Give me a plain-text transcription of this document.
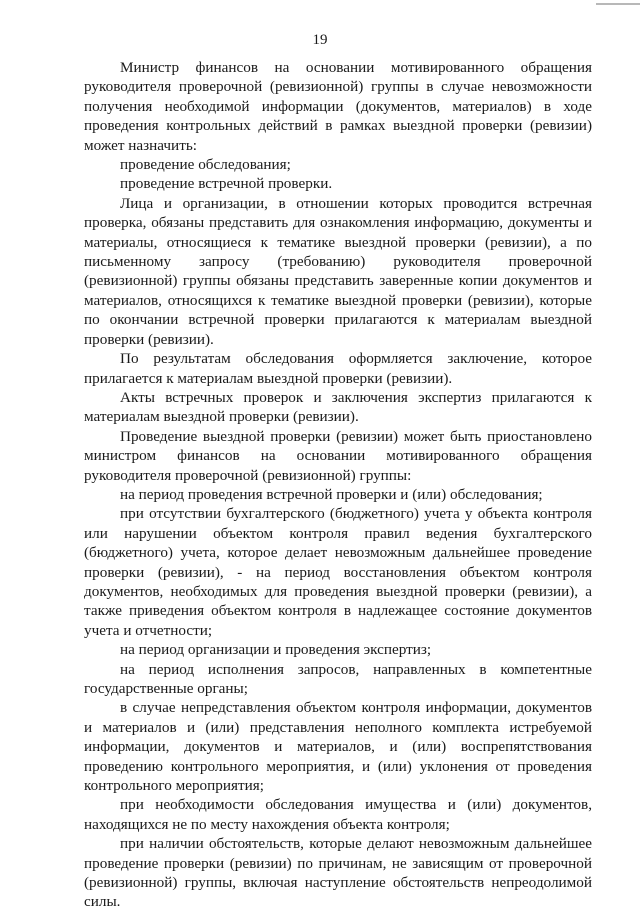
19

Министр финансов на основании мотивированного обращения руководителя проверочной (ревизионной) группы в случае невозможности получения необходимой информации (документов, материалов) в ходе проведения контрольных действий в рамках выездной проверки (ревизии) может назначить:

проведение обследования;

проведение встречной проверки.

Лица и организации, в отношении которых проводится встречная проверка, обязаны представить для ознакомления информацию, документы и материалы, относящиеся к тематике выездной проверки (ревизии), а по письменному запросу (требованию) руководителя проверочной (ревизионной) группы обязаны представить заверенные копии документов и материалов, относящихся к тематике выездной проверки (ревизии), которые по окончании встречной проверки прилагаются к материалам выездной проверки (ревизии).

По результатам обследования оформляется заключение, которое прилагается к материалам выездной проверки (ревизии).

Акты встречных проверок и заключения экспертиз прилагаются к материалам выездной проверки (ревизии).

Проведение выездной проверки (ревизии) может быть приостановлено министром финансов на основании мотивированного обращения руководителя проверочной (ревизионной) группы:

на период проведения встречной проверки и (или) обследования;

при отсутствии бухгалтерского (бюджетного) учета у объекта контроля или нарушении объектом контроля правил ведения бухгалтерского (бюджетного) учета, которое делает невозможным дальнейшее проведение проверки (ревизии), - на период восстановления объектом контроля документов, необходимых для проведения выездной проверки (ревизии), а также приведения объектом контроля в надлежащее состояние документов учета и отчетности;

на период организации и проведения экспертиз;

на период исполнения запросов, направленных в компетентные государственные органы;

в случае непредставления объектом контроля информации, документов и материалов и (или) представления неполного комплекта истребуемой информации, документов и материалов, и (или) воспрепятствования проведению контрольного мероприятия, и (или) уклонения от проведения контрольного мероприятия;

при необходимости обследования имущества и (или) документов, находящихся не по месту нахождения объекта контроля;

при наличии обстоятельств, которые делают невозможным дальнейшее проведение проверки (ревизии) по причинам, не зависящим от проверочной (ревизионной) группы, включая наступление обстоятельств непреодолимой силы.
